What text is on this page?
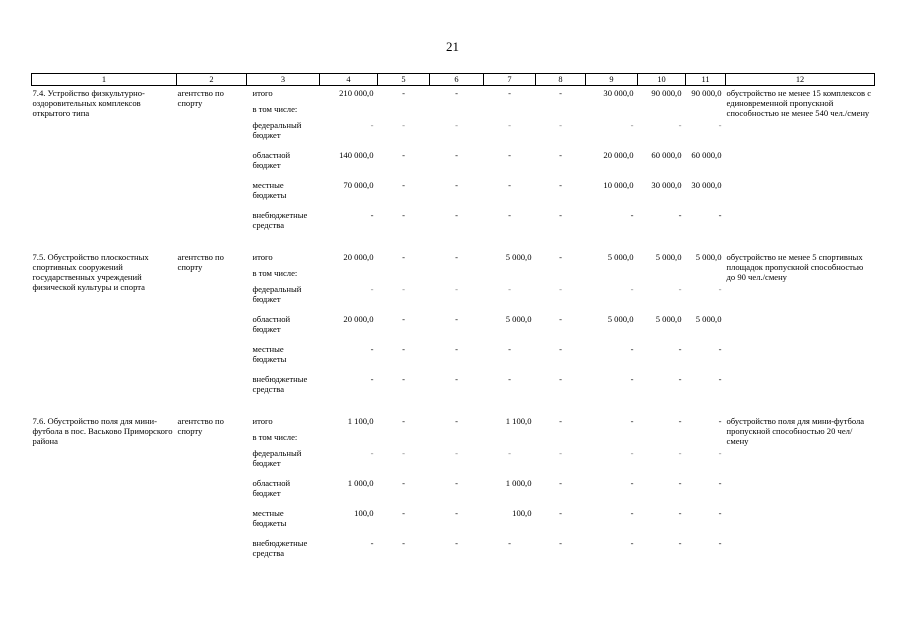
21
1	2	3	4	5	6	7	8	9	10	11	12
7.4. Устройство физкультурно-оздоровительных комплексов открытого типа	агентство по спорту	итого	210 000,0	-	-	-	-	30 000,0	90 000,0	90 000,0	обустройство не менее 15 комплексов с единовременной пропускной способностью не менее 540 чел./смену
		в том числе:									
		федеральный бюджет	-	-	-	-	-	-	-	-	
		областной бюджет	140 000,0	-	-	-	-	20 000,0	60 000,0	60 000,0	
		местные бюджеты	70 000,0	-	-	-	-	10 000,0	30 000,0	30 000,0	
		внебюджетные средства	-	-	-	-	-	-	-	-	

7.5. Обустройство плоскостных спортивных сооружений государственных учреждений физической культуры и спорта	агентство по спорту	итого	20 000,0	-	-	5 000,0	-	5 000,0	5 000,0	5 000,0	обустройство не менее 5 спортивных площадок пропускной способностью до 90 чел./смену
		в том числе:									
		федеральный бюджет	-	-	-	-	-	-	-	-	
		областной бюджет	20 000,0	-	-	5 000,0	-	5 000,0	5 000,0	5 000,0	
		местные бюджеты	-	-	-	-	-	-	-	-	
		внебюджетные средства	-	-	-	-	-	-	-	-	

7.6. Обустройство поля для мини-футбола в пос. Васьково Приморского района	агентство по спорту	итого	1 100,0	-	-	1 100,0	-	-	-	-	обустройство поля для мини-футбола пропускной способностью 20 чел/смену
		в том числе:									
		федеральный бюджет	-	-	-	-	-	-	-	-	
		областной бюджет	1 000,0	-	-	1 000,0	-	-	-	-	
		местные бюджеты	100,0	-	-	100,0	-	-	-	-	
		внебюджетные средства	-	-	-	-	-	-	-	-	
